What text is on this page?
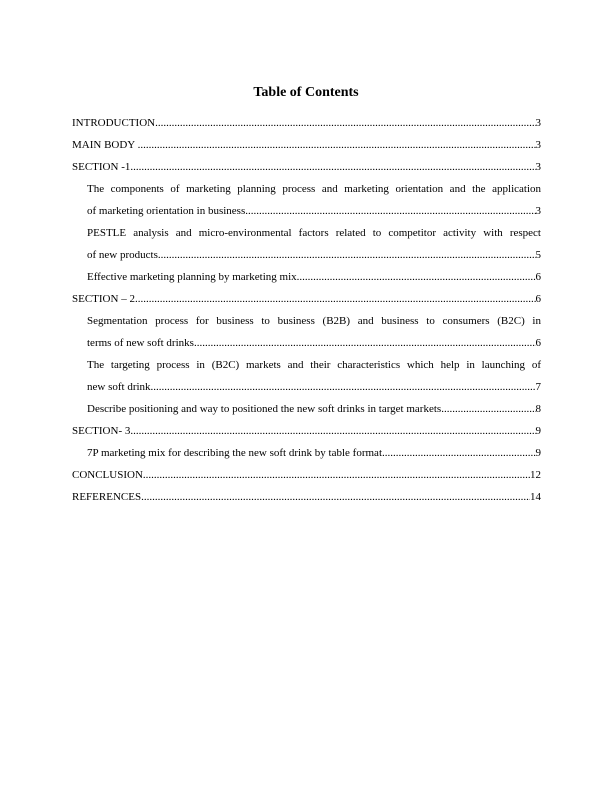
Table of Contents
INTRODUCTION .....	3
MAIN BODY .....	3
SECTION -1 .....	3
The components of marketing planning process and marketing orientation and the application
of marketing orientation in business .....	3
PESTLE analysis and micro-environmental factors related to competitor activity with respect
of new products .....	5
Effective marketing planning by marketing mix .....	6
SECTION – 2 .....	6
Segmentation process for business to business (B2B) and business to consumers (B2C) in
terms of new soft drinks .....	6
The targeting process in (B2C) markets and their characteristics which help in launching of
new soft drink .....	7
Describe positioning and way to positioned the new soft drinks in target markets .....	8
SECTION- 3 .....	9
7P marketing mix for describing the new soft drink by table format .....	9
CONCLUSION .....	12
REFERENCES .....	14
